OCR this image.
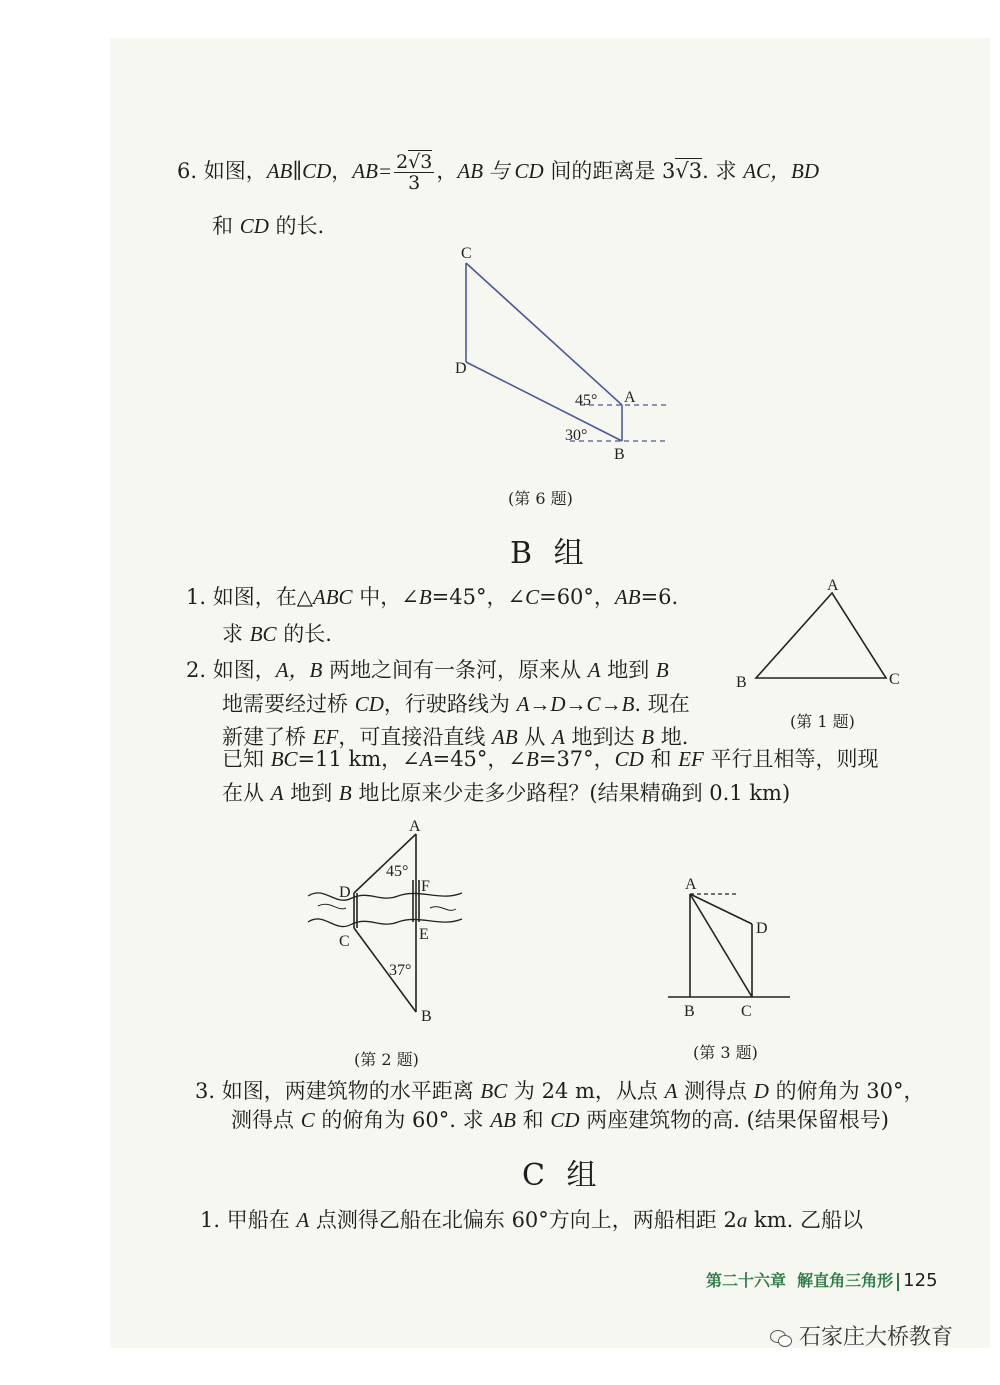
6. 如图，AB∥CD，$AB= \frac{2√3}{3}$ ，AB 与 CD 间的距离是 3√3. 求 AC，BD
和 CD 的长.
C
D
A
B
45°
30°
(第 6 题)
B 组
1. 如图，在△ABC 中，∠B=45°，∠C=60°，AB=6.
求 BC 的长.
A
B	C
(第 1 题)
2. 如图，A，B 两地之间有一条河，原来从 A 地到 B
地需要经过桥 CD，行驶路线为 A→D→C→B. 现在
新建了桥 EF，可直接沿直线 AB 从 A 地到达 B 地.
已知 BC=11 km，∠A=45°，∠B=37°，CD 和 EF 平行且相等，则现
在从 A 地到 B 地比原来少走多少路程？(结果精确到 0.1 km)
A
D	F
C	E
B
45°
37°
(第 2 题)
A
D
B	C
(第 3 题)
3. 如图，两建筑物的水平距离 BC 为 24 m，从点 A 测得点 D 的俯角为 30°，
测得点 C 的俯角为 60°. 求 AB 和 CD 两座建筑物的高. (结果保留根号)
C 组
1. 甲船在 A 点测得乙船在北偏东 60°方向上，两船相距 2a km. 乙船以
第二十六章 解直角三角形 125
石家庄大桥教育
